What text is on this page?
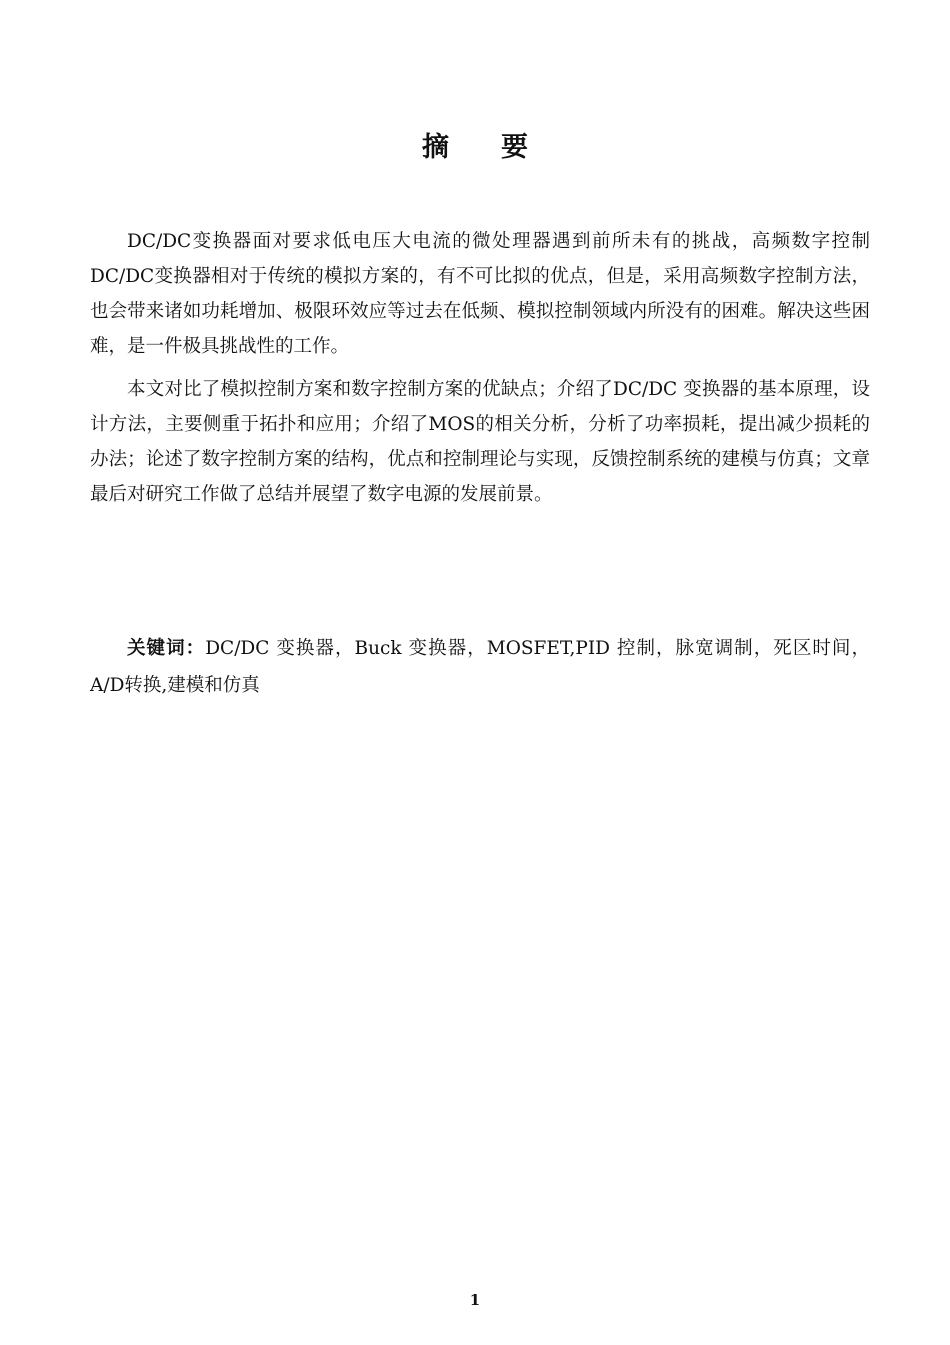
摘要

DC/DC变换器面对要求低电压大电流的微处理器遇到前所未有的挑战，高频数字控制DC/DC变换器相对于传统的模拟方案的，有不可比拟的优点，但是，采用高频数字控制方法，也会带来诸如功耗增加、极限环效应等过去在低频、模拟控制领域内所没有的困难。解决这些困难，是一件极具挑战性的工作。

本文对比了模拟控制方案和数字控制方案的优缺点；介绍了DC/DC 变换器的基本原理，设计方法，主要侧重于拓扑和应用；介绍了MOS的相关分析，分析了功率损耗，提出减少损耗的办法；论述了数字控制方案的结构，优点和控制理论与实现，反馈控制系统的建模与仿真；文章最后对研究工作做了总结并展望了数字电源的发展前景。

关键词：DC/DC 变换器，Buck 变换器，MOSFET,PID 控制，脉宽调制，死区时间，A/D转换,建模和仿真

1
